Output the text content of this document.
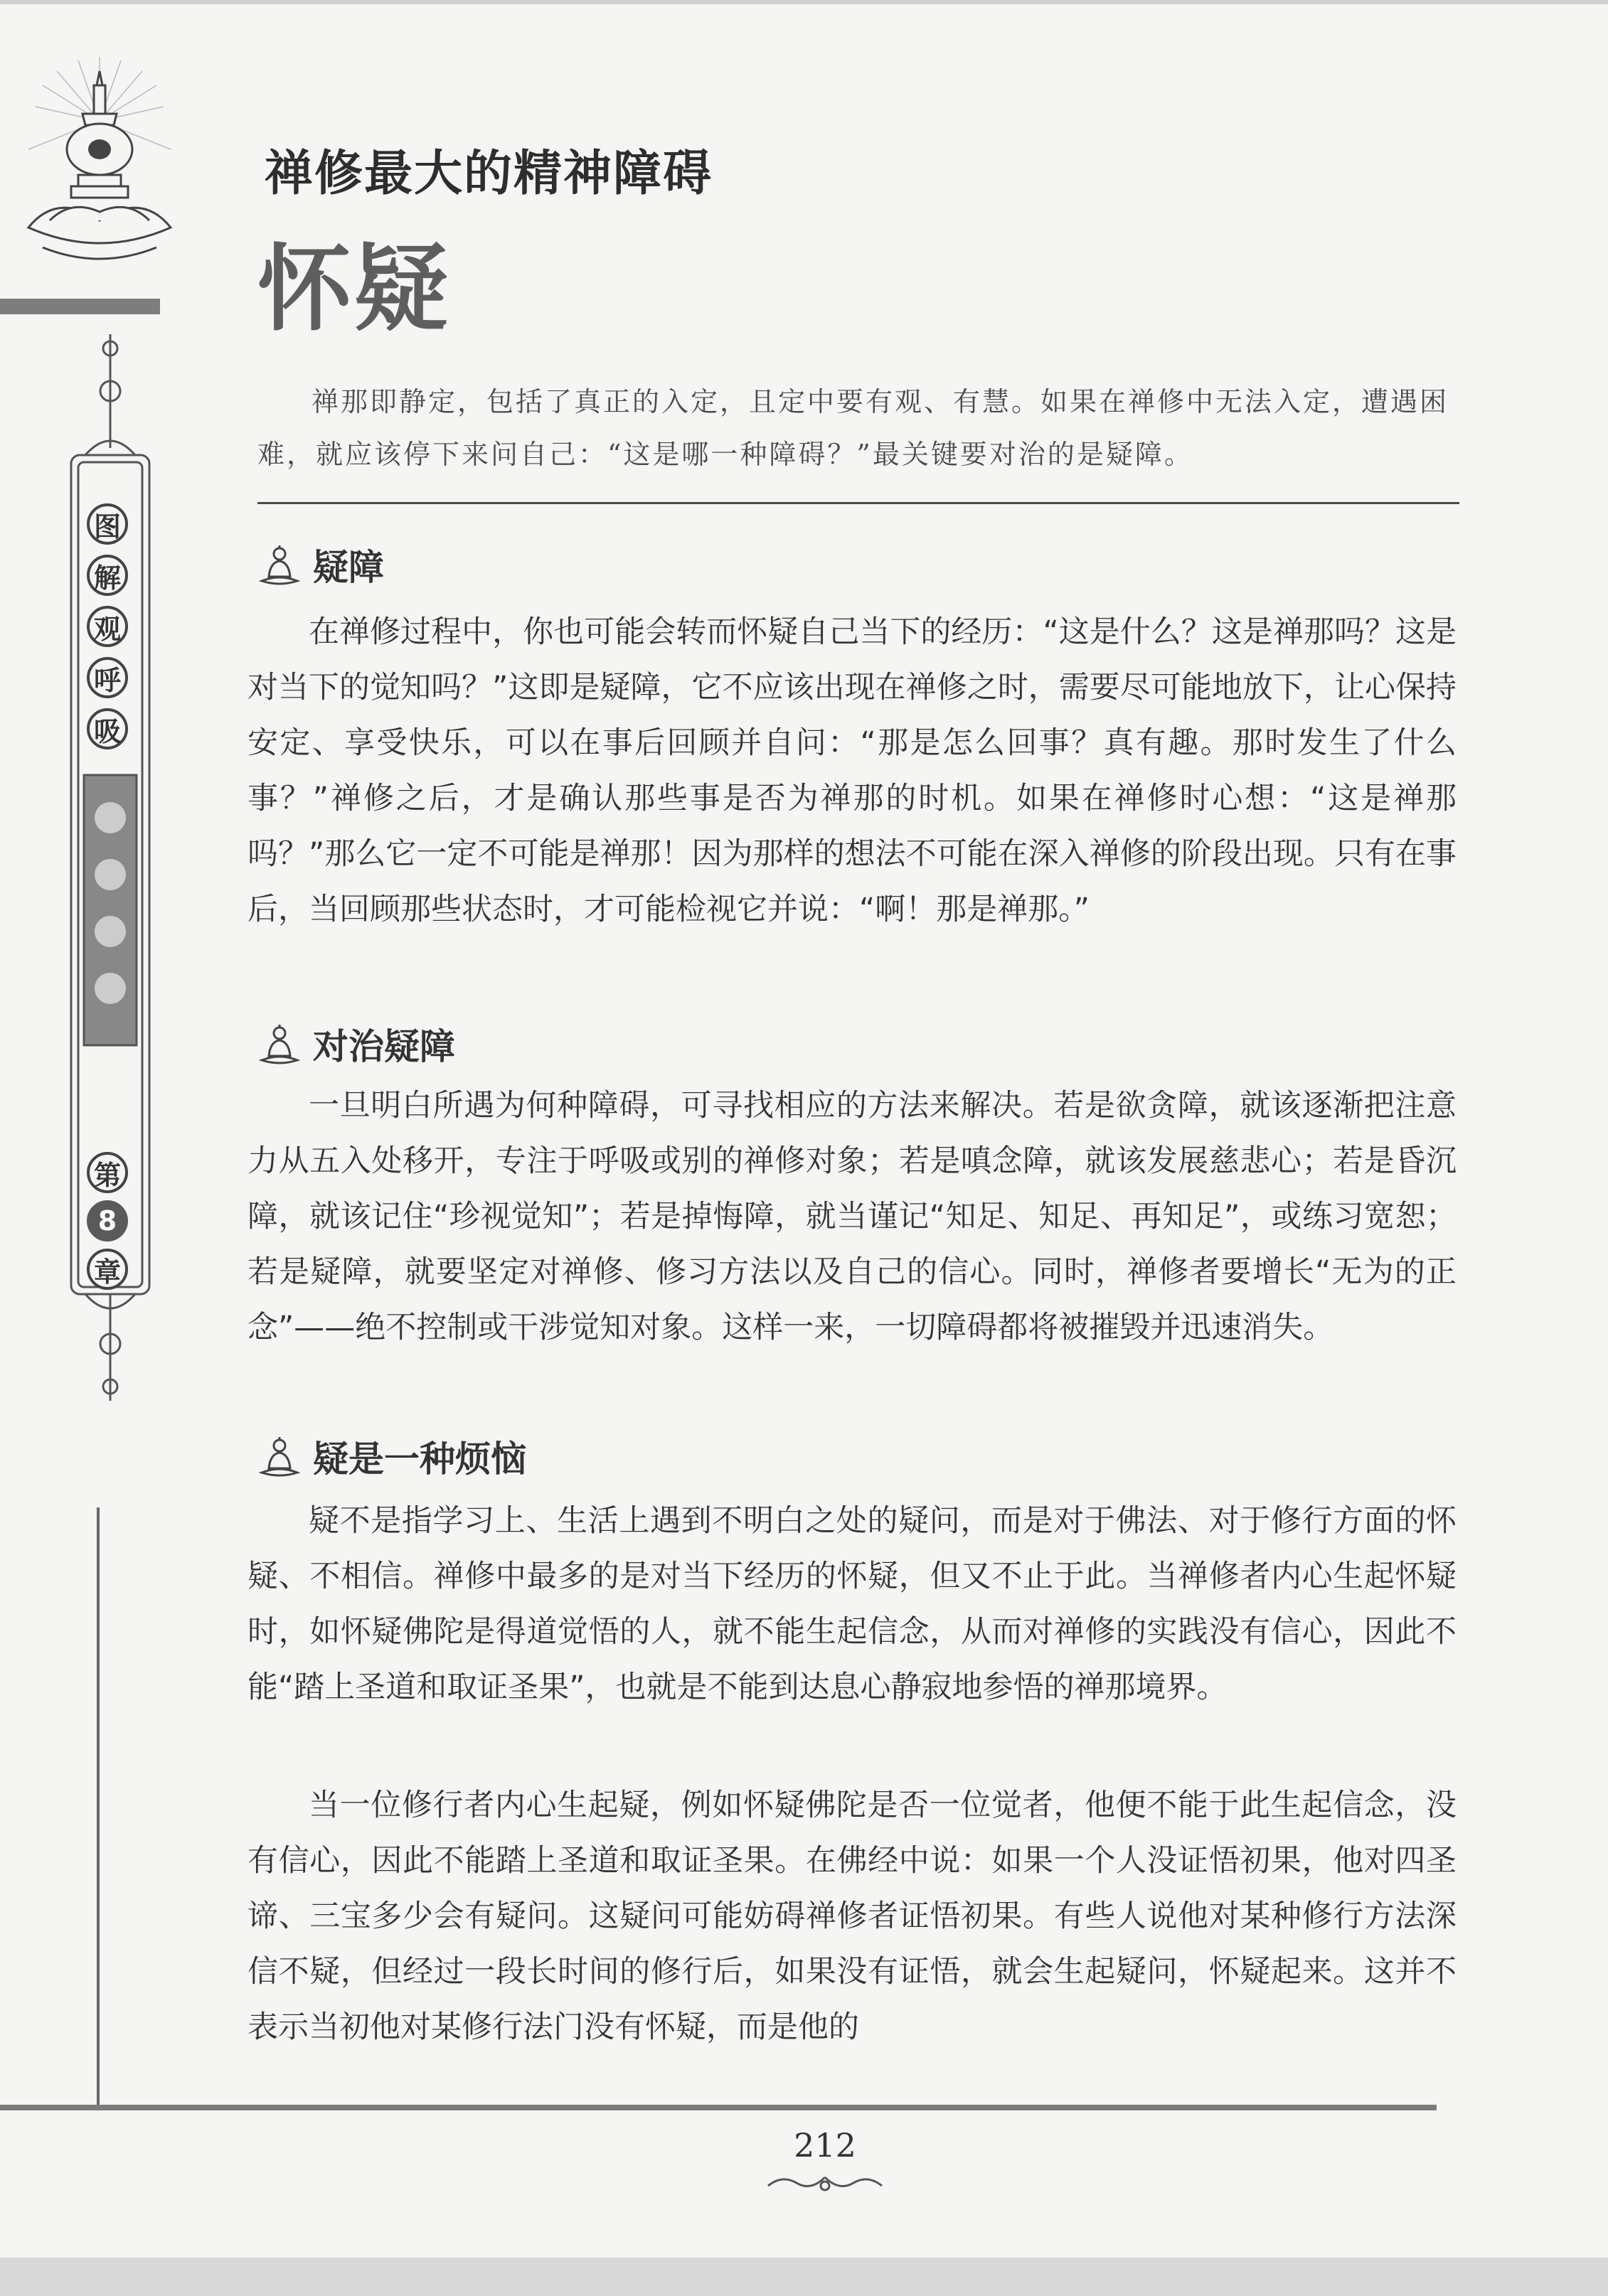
图
解
观
呼
吸
第
8
章
禅修最大的精神障碍
怀疑
禅那即静定，包括了真正的入定，且定中要有观、有慧。如果在禅修中无法入定，遭遇困难，就应该停下来问自己：“这是哪一种障碍？”最关键要对治的是疑障。
疑障
在禅修过程中，你也可能会转而怀疑自己当下的经历：“这是什么？这是禅那吗？这是对当下的觉知吗？”这即是疑障，它不应该出现在禅修之时，需要尽可能地放下，让心保持安定、享受快乐，可以在事后回顾并自问：“那是怎么回事？真有趣。那时发生了什么事？”禅修之后，才是确认那些事是否为禅那的时机。如果在禅修时心想：“这是禅那吗？”那么它一定不可能是禅那！因为那样的想法不可能在深入禅修的阶段出现。只有在事后，当回顾那些状态时，才可能检视它并说：“啊！那是禅那。”
对治疑障
一旦明白所遇为何种障碍，可寻找相应的方法来解决。若是欲贪障，就该逐渐把注意力从五入处移开，专注于呼吸或别的禅修对象；若是嗔念障，就该发展慈悲心；若是昏沉障，就该记住“珍视觉知”；若是掉悔障，就当谨记“知足、知足、再知足”，或练习宽恕；若是疑障，就要坚定对禅修、修习方法以及自己的信心。同时，禅修者要增长“无为的正念”——绝不控制或干涉觉知对象。这样一来，一切障碍都将被摧毁并迅速消失。
疑是一种烦恼
疑不是指学习上、生活上遇到不明白之处的疑问，而是对于佛法、对于修行方面的怀疑、不相信。禅修中最多的是对当下经历的怀疑，但又不止于此。当禅修者内心生起怀疑时，如怀疑佛陀是得道觉悟的人，就不能生起信念，从而对禅修的实践没有信心，因此不能“踏上圣道和取证圣果”，也就是不能到达息心静寂地参悟的禅那境界。
当一位修行者内心生起疑，例如怀疑佛陀是否一位觉者，他便不能于此生起信念，没有信心，因此不能踏上圣道和取证圣果。在佛经中说：如果一个人没证悟初果，他对四圣谛、三宝多少会有疑问。这疑问可能妨碍禅修者证悟初果。有些人说他对某种修行方法深信不疑，但经过一段长时间的修行后，如果没有证悟，就会生起疑问，怀疑起来。这并不表示当初他对某修行法门没有怀疑，而是他的
212
